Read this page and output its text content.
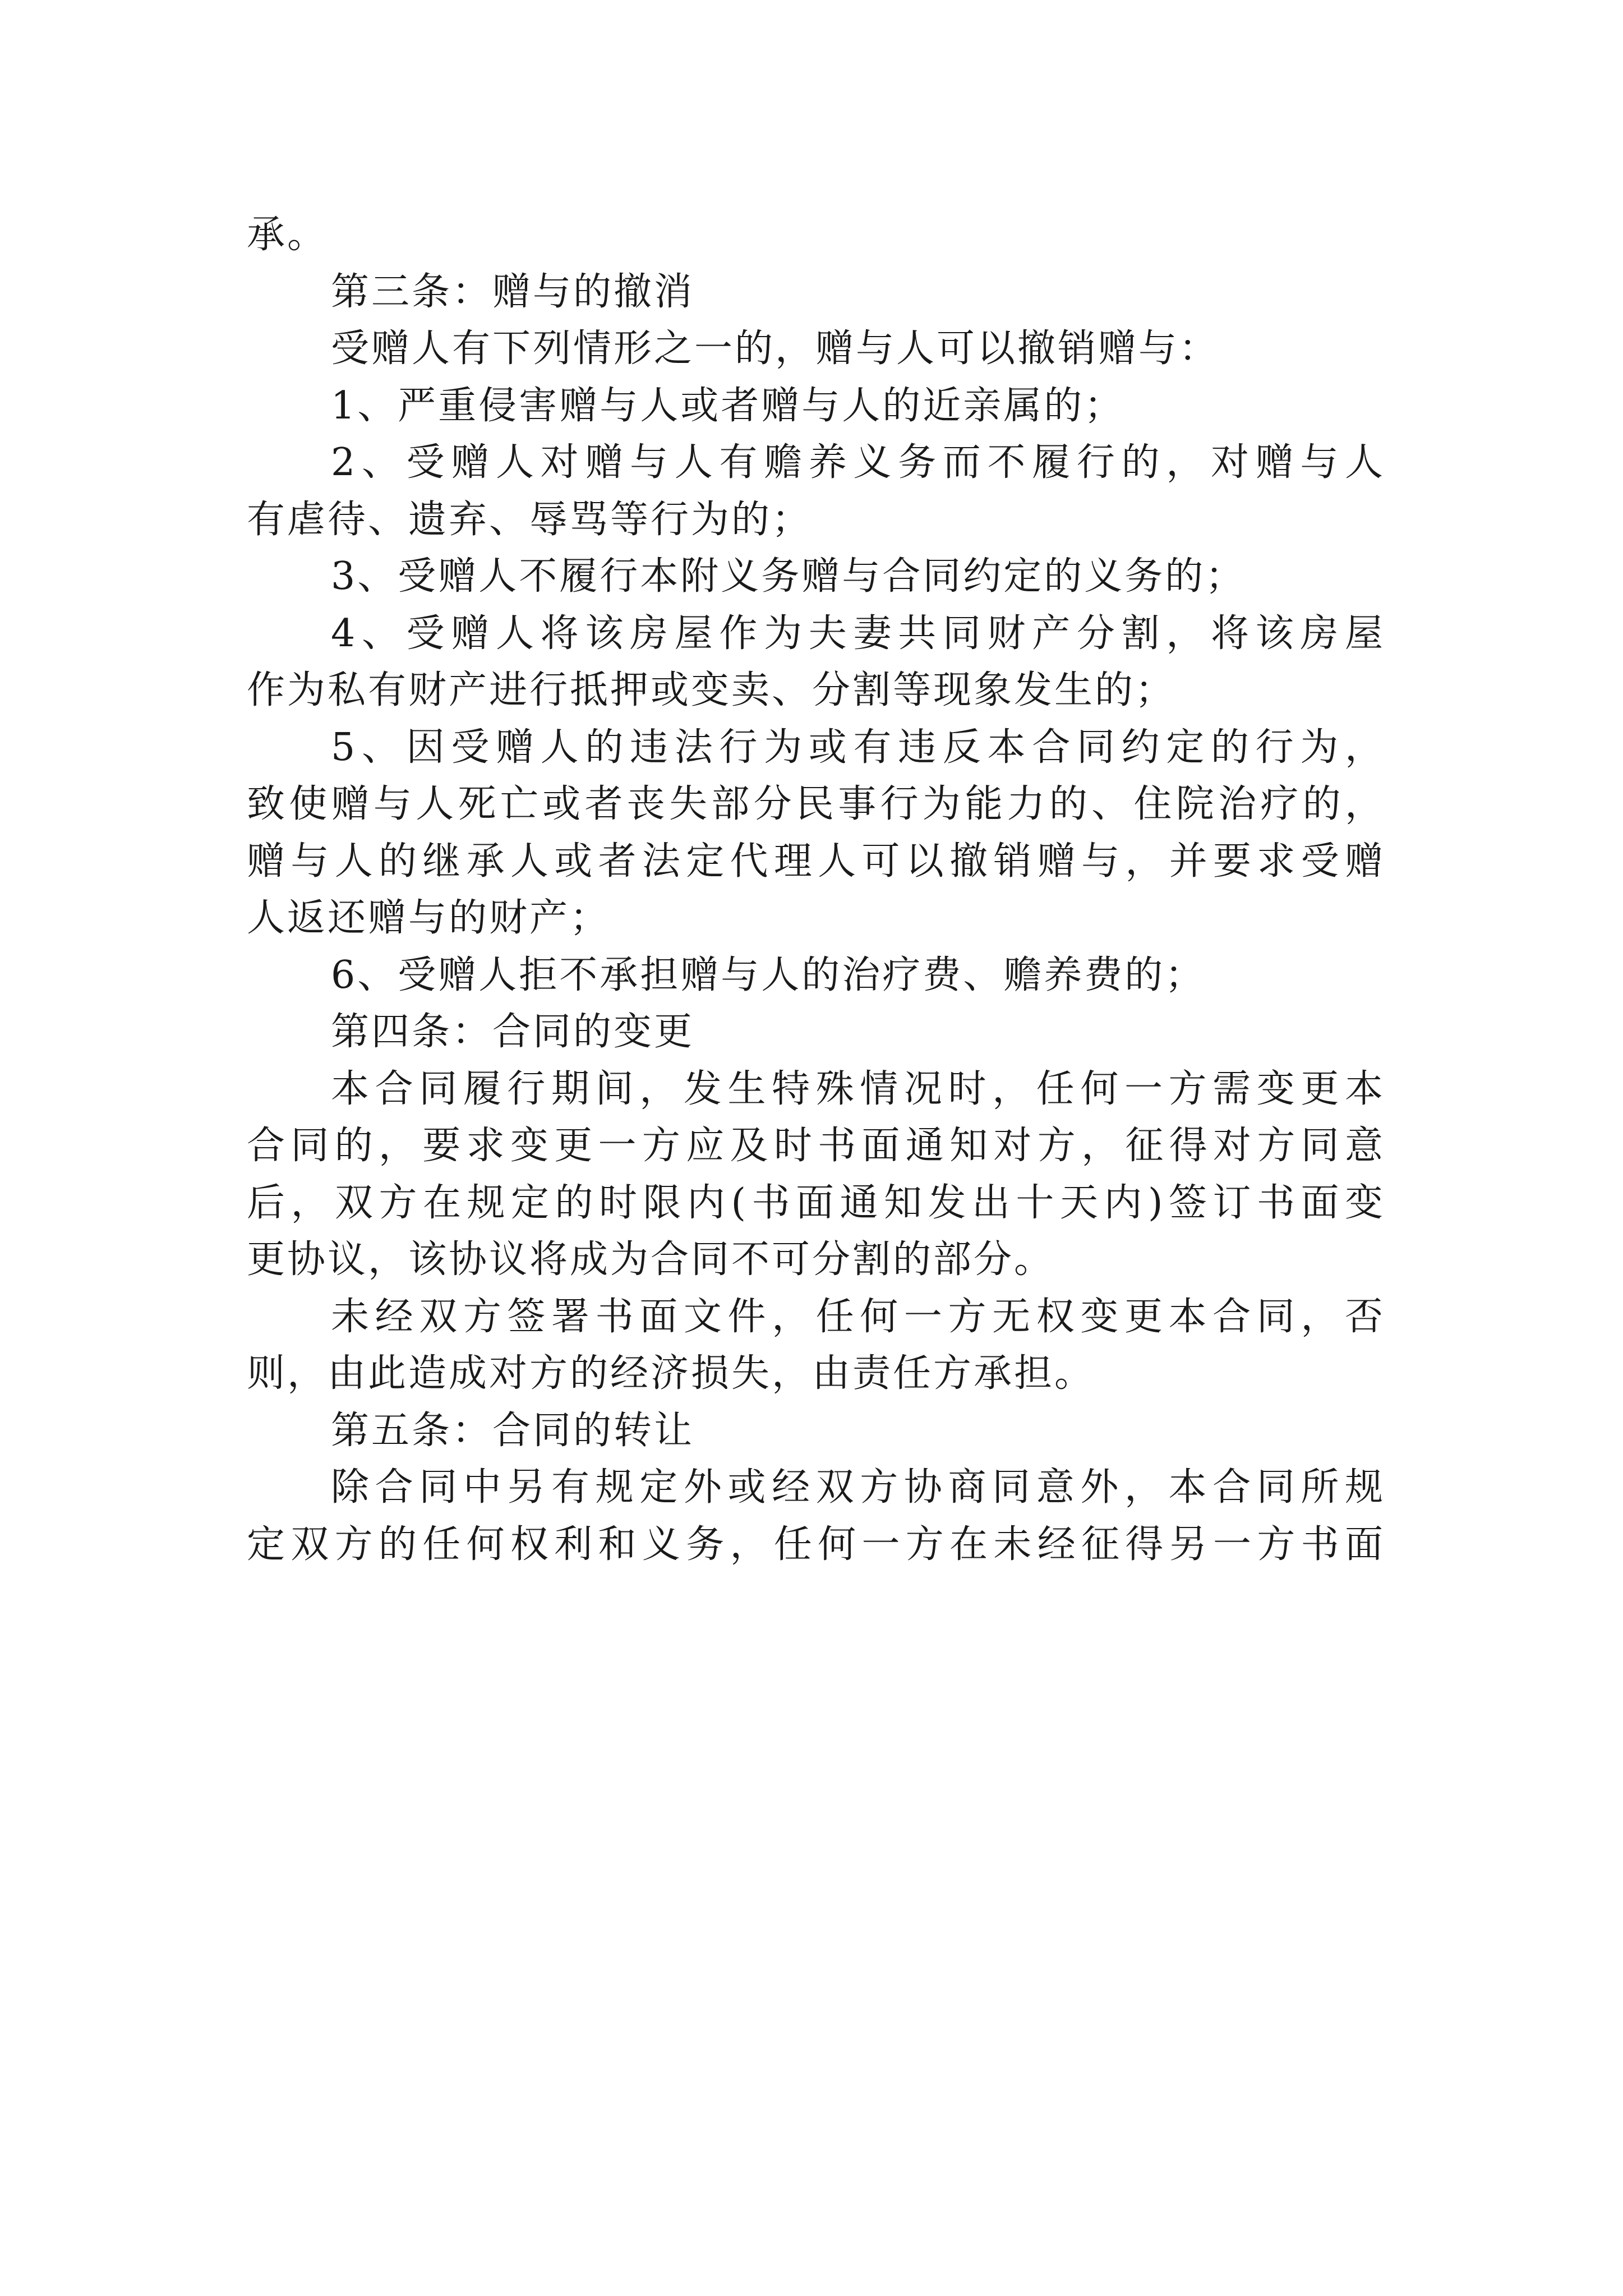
承。
第三条：赠与的撤消
受赠人有下列情形之一的，赠与人可以撤销赠与：
1、严重侵害赠与人或者赠与人的近亲属的；
2、受赠人对赠与人有赡养义务而不履行的，对赠与人
有虐待、遗弃、辱骂等行为的；
3、受赠人不履行本附义务赠与合同约定的义务的；
4、受赠人将该房屋作为夫妻共同财产分割，将该房屋
作为私有财产进行抵押或变卖、分割等现象发生的；
5、因受赠人的违法行为或有违反本合同约定的行为，
致使赠与人死亡或者丧失部分民事行为能力的、住院治疗的，
赠与人的继承人或者法定代理人可以撤销赠与，并要求受赠
人返还赠与的财产；
6、受赠人拒不承担赠与人的治疗费、赡养费的；
第四条：合同的变更
本合同履行期间，发生特殊情况时，任何一方需变更本
合同的，要求变更一方应及时书面通知对方，征得对方同意
后，双方在规定的时限内(书面通知发出十天内)签订书面变
更协议，该协议将成为合同不可分割的部分。
未经双方签署书面文件，任何一方无权变更本合同，否
则，由此造成对方的经济损失，由责任方承担。
第五条：合同的转让
除合同中另有规定外或经双方协商同意外，本合同所规
定双方的任何权利和义务，任何一方在未经征得另一方书面
